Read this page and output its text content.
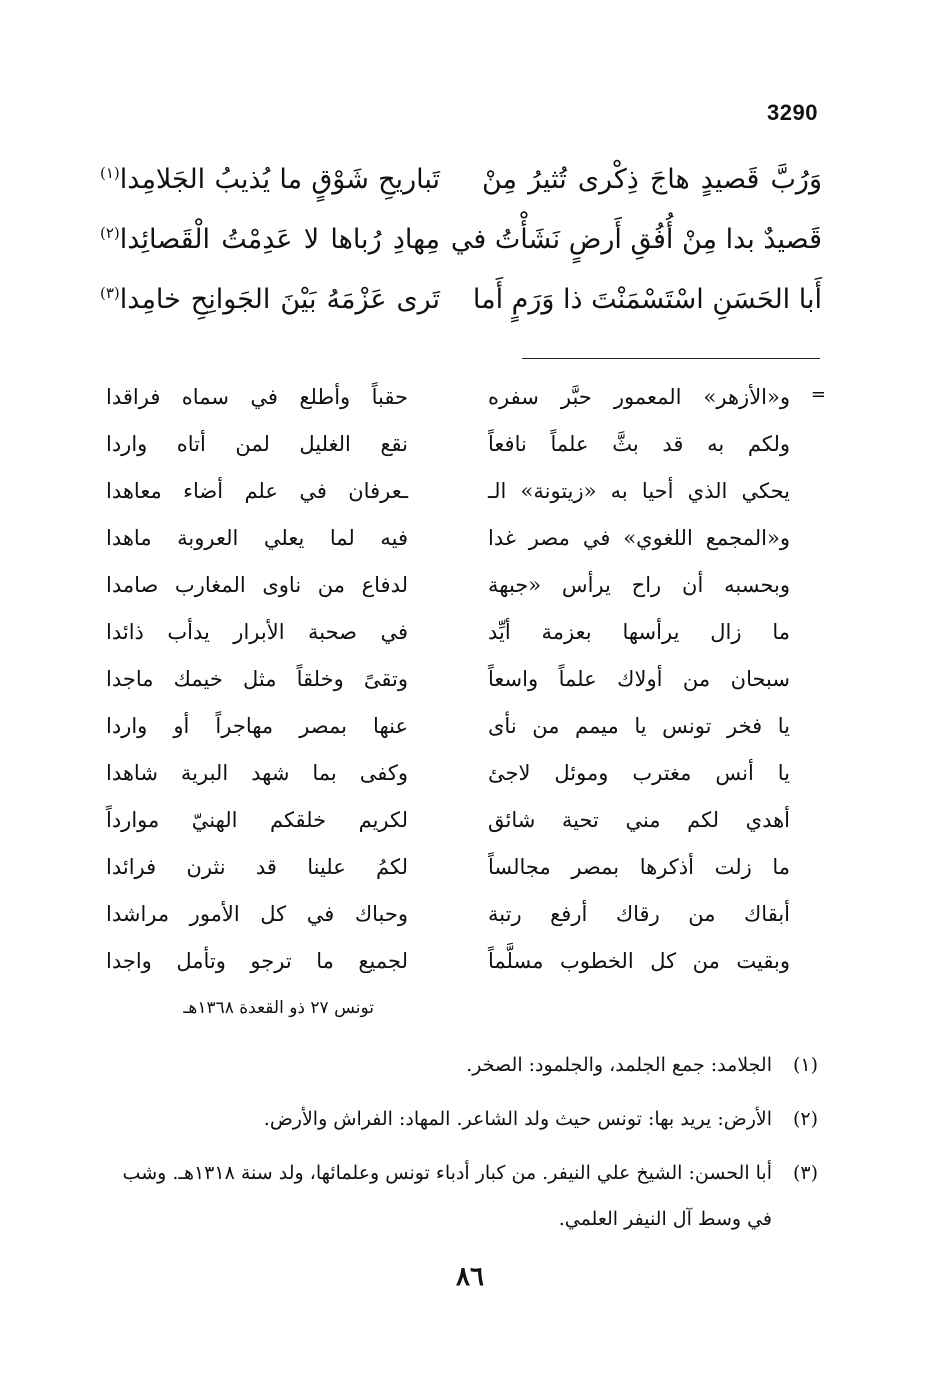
3290
وَرُبَّ قَصيدٍ هاجَ ذِكْرى تُثيرُ مِنْ
تَباريحِ شَوْقٍ ما يُذيبُ الجَلامِدا$^{(١)}$
قَصيدٌ بدا مِنْ أُفُقِ أَرضٍ نَشَأْتُ في
مِهادِ رُباها لا عَدِمْتُ الْقَصائِدا$^{(٢)}$
أَبا الحَسَنِ اسْتَسْمَنْتَ ذا وَرَمٍ أَما
تَرى عَزْمَهُ بَيْنَ الجَوانِحِ خامِدا$^{(٣)}$
=
و«الأزهر» المعمور حبَّر سفره
حقباً وأطلع في سماه فراقدا
ولكم به قد بثَّ علماً نافعاً
نقع الغليل لمن أتاه واردا
يحكي الذي أحيا به «زيتونة» الـ
ـعرفان في علم أضاء معاهدا
و«المجمع اللغوي» في مصر غدا
فيه لما يعلي العروبة ماهدا
وبحسبه أن راح يرأس «جبهة
لدفاع من ناوى المغارب صامدا
ما زال يرأسها بعزمة أيِّد
في صحبة الأبرار يدأب ذائدا
سبحان من أولاك علماً واسعاً
وتقىً وخلقاً مثل خيمك ماجدا
يا فخر تونس يا ميمم من نأى
عنها بمصر مهاجراً أو واردا
يا أنس مغترب وموئل لاجئ
وكفى بما شهد البرية شاهدا
أهدي لكم مني تحية شائق
لكريم خلقكم الهنيّ موارداً
ما زلت أذكرها بمصر مجالساً
لكمُ علينا قد نثرن فرائدا
أبقاك من رقاك أرفع رتبة
وحباك في كل الأمور مراشدا
وبقيت من كل الخطوب مسلَّماً
لجميع ما ترجو وتأمل واجدا
تونس ٢٧ ذو القعدة ١٣٦٨هـ
(١)
الجلامد: جمع الجلمد، والجلمود: الصخر.
(٢)
الأرض: يريد بها: تونس حيث ولد الشاعر. المهاد: الفراش والأرض.
(٣)
أبا الحسن: الشيخ علي النيفر. من كبار أدباء تونس وعلمائها، ولد سنة ١٣١٨هـ. وشب في وسط آل النيفر العلمي.
٨٦
